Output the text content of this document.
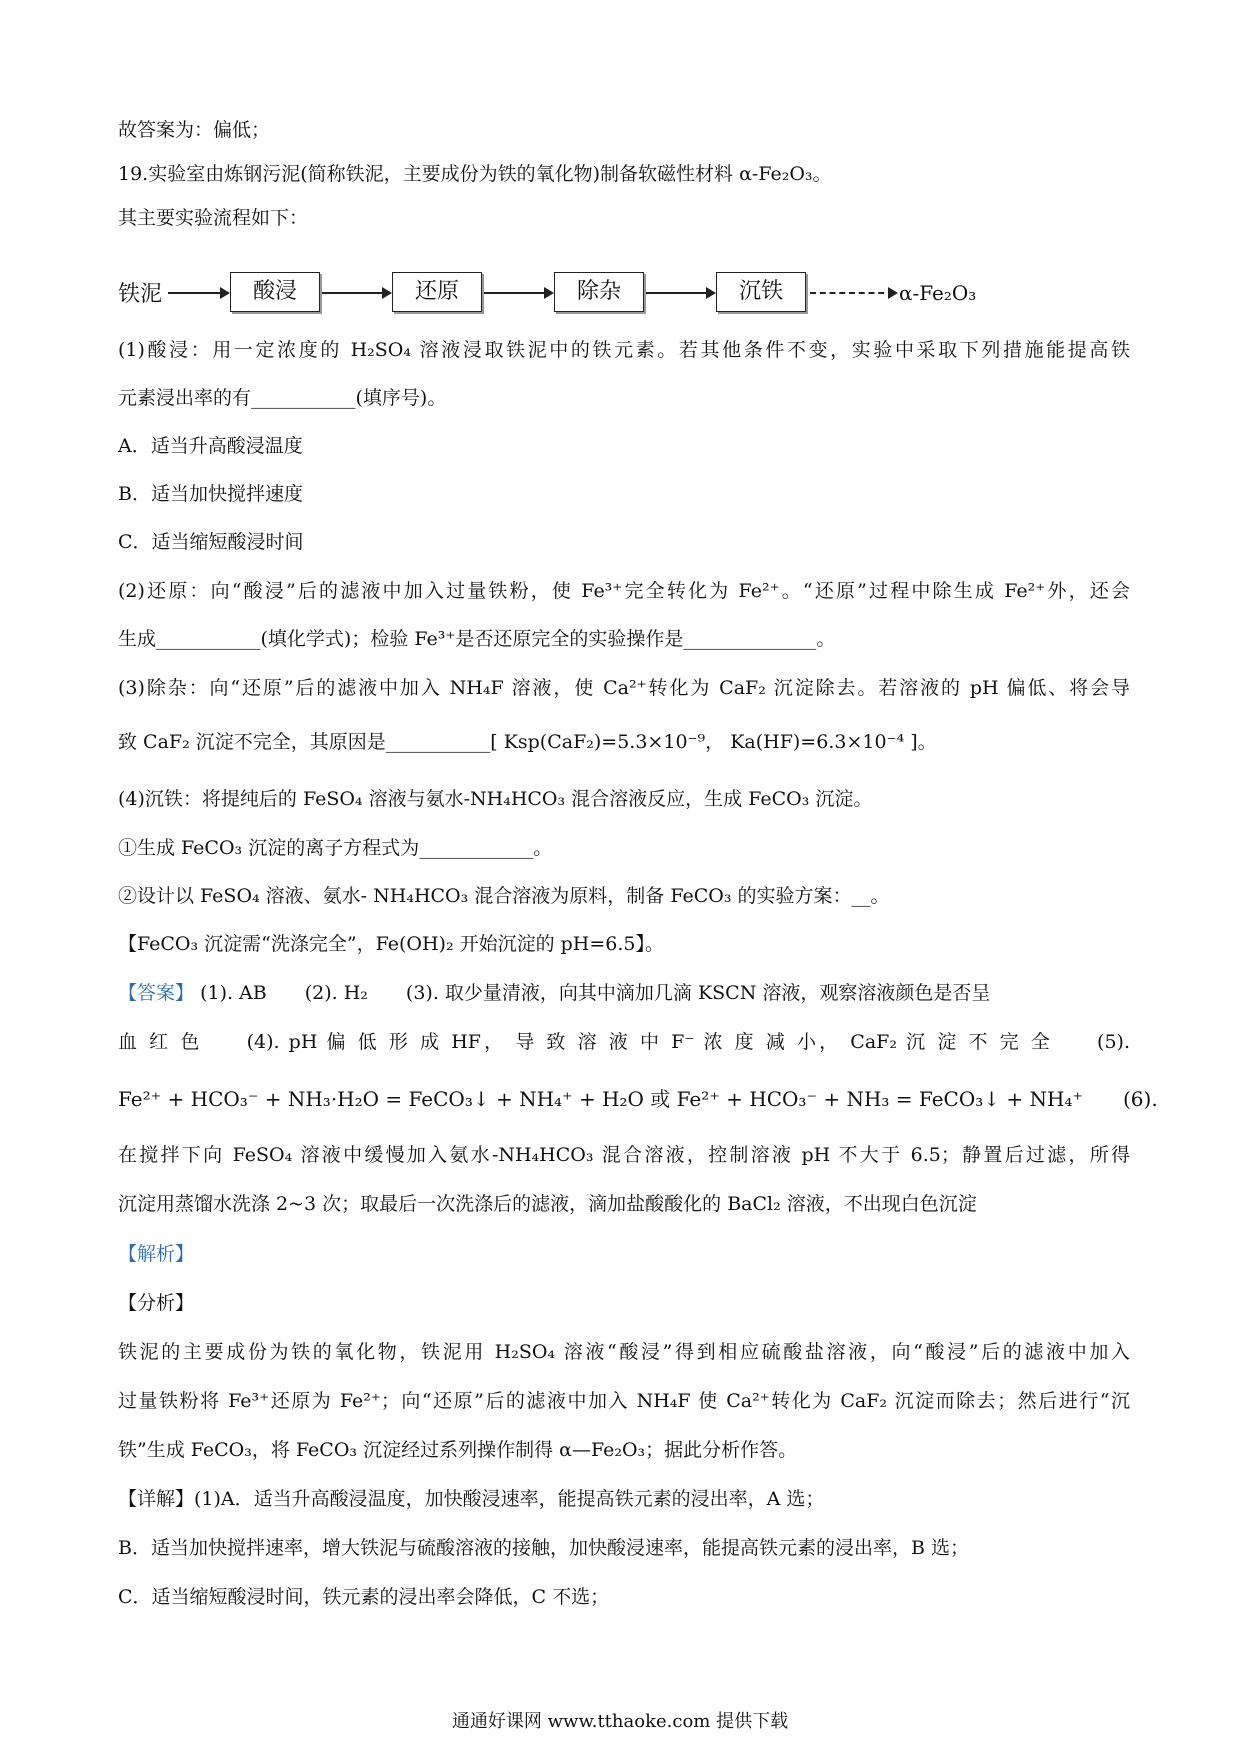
故答案为：偏低；
19.实验室由炼钢污泥(简称铁泥，主要成份为铁的氧化物)制备软磁性材料 α-Fe₂O₃。
其主要实验流程如下：
铁泥	酸浸	还原	除杂	沉铁	α-Fe₂O₃
(1)酸浸：用一定浓度的 H₂SO₄ 溶液浸取铁泥中的铁元素。若其他条件不变，实验中采取下列措施能提高铁
元素浸出率的有___________(填序号)。
A．适当升高酸浸温度
B．适当加快搅拌速度
C．适当缩短酸浸时间
(2)还原：向“酸浸”后的滤液中加入过量铁粉，使 Fe³⁺完全转化为 Fe²⁺。“还原”过程中除生成 Fe²⁺外，还会
生成___________(填化学式)；检验 Fe³⁺是否还原完全的实验操作是______________。
(3)除杂：向“还原”后的滤液中加入 NH₄F 溶液，使 Ca²⁺转化为 CaF₂ 沉淀除去。若溶液的 pH 偏低、将会导
致 CaF₂ 沉淀不完全，其原因是___________[ Ksp(CaF₂)=5.3×10⁻⁹， Ka(HF)=6.3×10⁻⁴ ]。
(4)沉铁：将提纯后的 FeSO₄ 溶液与氨水-NH₄HCO₃ 混合溶液反应，生成 FeCO₃ 沉淀。
①生成 FeCO₃ 沉淀的离子方程式为____________。
②设计以 FeSO₄ 溶液、氨水- NH₄HCO₃ 混合溶液为原料，制备 FeCO₃ 的实验方案：__。
【FeCO₃ 沉淀需“洗涤完全”，Fe(OH)₂ 开始沉淀的 pH=6.5】。
【答案】 (1). AB　　(2). H₂　　(3). 取少量清液，向其中滴加几滴 KSCN 溶液，观察溶液颜色是否呈
血 红 色　　(4). pH 偏 低 形 成 HF， 导 致 溶 液 中 F⁻ 浓 度 减 小， CaF₂ 沉 淀 不 完 全　　(5).
Fe²⁺ + HCO₃⁻ + NH₃·H₂O = FeCO₃↓ + NH₄⁺ + H₂O 或 Fe²⁺ + HCO₃⁻ + NH₃ = FeCO₃↓ + NH₄⁺　　(6).
在搅拌下向 FeSO₄ 溶液中缓慢加入氨水-NH₄HCO₃ 混合溶液，控制溶液 pH 不大于 6.5；静置后过滤，所得
沉淀用蒸馏水洗涤 2~3 次；取最后一次洗涤后的滤液，滴加盐酸酸化的 BaCl₂ 溶液，不出现白色沉淀
【解析】
【分析】
铁泥的主要成份为铁的氧化物，铁泥用 H₂SO₄ 溶液“酸浸”得到相应硫酸盐溶液，向“酸浸”后的滤液中加入
过量铁粉将 Fe³⁺还原为 Fe²⁺；向“还原”后的滤液中加入 NH₄F 使 Ca²⁺转化为 CaF₂ 沉淀而除去；然后进行“沉
铁”生成 FeCO₃，将 FeCO₃ 沉淀经过系列操作制得 α—Fe₂O₃；据此分析作答。
【详解】(1)A．适当升高酸浸温度，加快酸浸速率，能提高铁元素的浸出率，A 选；
B．适当加快搅拌速率，增大铁泥与硫酸溶液的接触，加快酸浸速率，能提高铁元素的浸出率，B 选；
C．适当缩短酸浸时间，铁元素的浸出率会降低，C 不选；
通通好课网 www.tthaoke.com 提供下载
